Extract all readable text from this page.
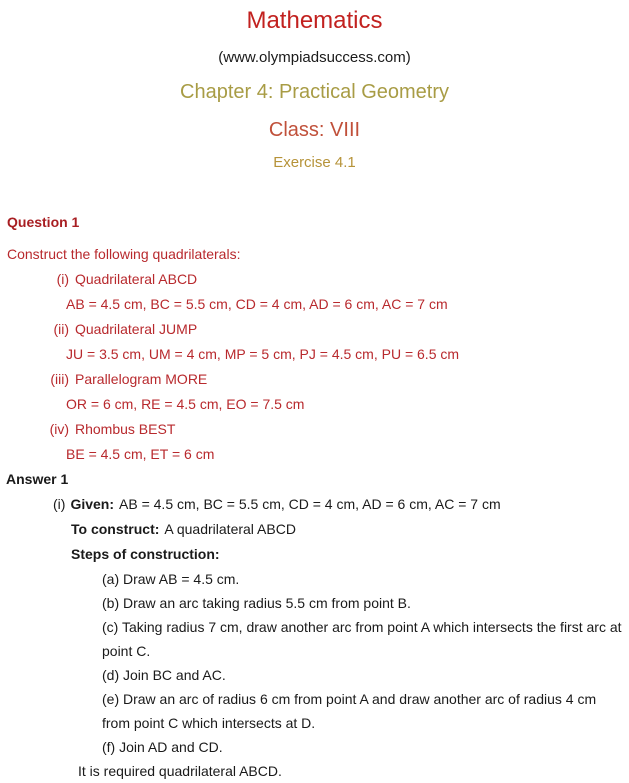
Mathematics
(www.olympiadsuccess.com)
Chapter 4: Practical Geometry
Class: VIII
Exercise 4.1

Question 1

Construct the following quadrilaterals:

(i) Quadrilateral ABCD

AB = 4.5 cm, BC = 5.5 cm, CD = 4 cm, AD = 6 cm, AC = 7 cm

(ii) Quadrilateral JUMP

JU = 3.5 cm, UM = 4 cm, MP = 5 cm, PJ = 4.5 cm, PU = 6.5 cm

(iii) Parallelogram MORE

OR = 6 cm, RE = 4.5 cm, EO = 7.5 cm

(iv) Rhombus BEST

BE = 4.5 cm, ET = 6 cm

Answer 1

(i) Given: AB = 4.5 cm, BC = 5.5 cm, CD = 4 cm, AD = 6 cm, AC = 7 cm

To construct: A quadrilateral ABCD

Steps of construction:

(a) Draw AB = 4.5 cm.

(b) Draw an arc taking radius 5.5 cm from point B.

(c) Taking radius 7 cm, draw another arc from point A which intersects the first arc at point C.

(d) Join BC and AC.

(e) Draw an arc of radius 6 cm from point A and draw another arc of radius 4 cm from point C which intersects at D.

(f) Join AD and CD.

It is required quadrilateral ABCD.
